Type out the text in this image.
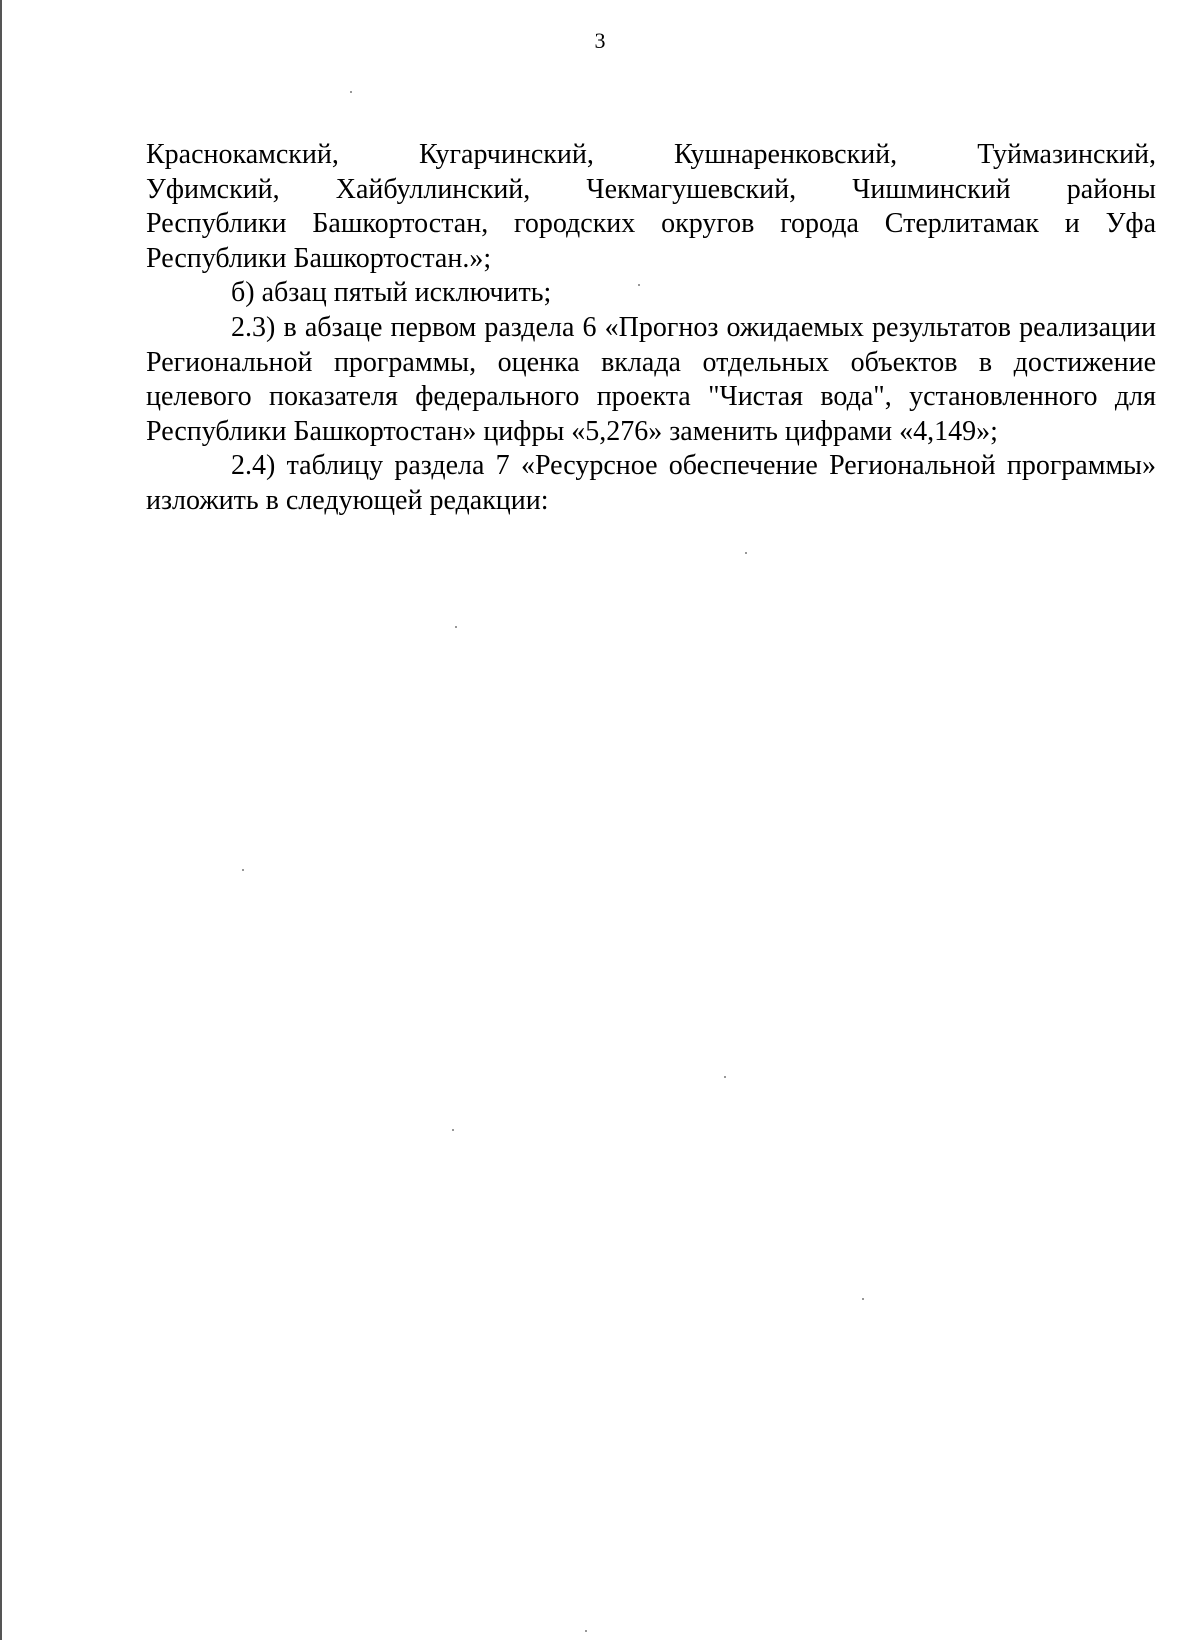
3

Краснокамский, Кугарчинский, Кушнаренковский, Туймазинский,

Уфимский, Хайбуллинский, Чекмагушевский, Чишминский районы

Республики Башкортостан, городских округов города Стерлитамак и Уфа Республики Башкортостан.»;

б) абзац пятый исключить;

2.3) в абзаце первом раздела 6 «Прогноз ожидаемых результатов реализации Региональной программы, оценка вклада отдельных объектов в достижение целевого показателя федерального проекта "Чистая вода", установленного для Республики Башкортостан» цифры «5,276» заменить цифрами «4,149»;

2.4) таблицу раздела 7 «Ресурсное обеспечение Региональной программы» изложить в следующей редакции:
